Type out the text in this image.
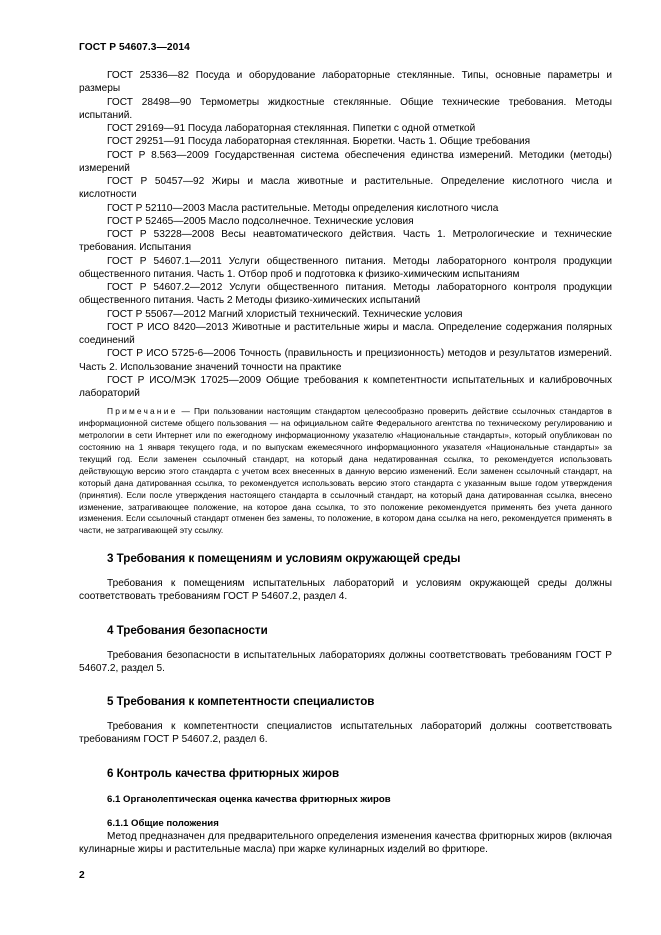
ГОСТ Р 54607.3—2014

ГОСТ 25336—82 Посуда и оборудование лабораторные стеклянные. Типы, основные параметры и размеры

ГОСТ 28498—90 Термометры жидкостные стеклянные. Общие технические требования. Методы испытаний.

ГОСТ 29169—91 Посуда лабораторная стеклянная. Пипетки с одной отметкой

ГОСТ 29251—91 Посуда лабораторная стеклянная. Бюретки. Часть 1. Общие требования

ГОСТ Р 8.563—2009 Государственная система обеспечения единства измерений. Методики (методы) измерений

ГОСТ Р 50457—92 Жиры и масла животные и растительные. Определение кислотного числа и кислотности

ГОСТ Р 52110—2003 Масла растительные. Методы определения кислотного числа

ГОСТ Р 52465—2005 Масло подсолнечное. Технические условия

ГОСТ Р 53228—2008 Весы неавтоматического действия. Часть 1. Метрологические и технические требования. Испытания

ГОСТ Р 54607.1—2011 Услуги общественного питания. Методы лабораторного контроля продукции общественного питания. Часть 1. Отбор проб и подготовка к физико-химическим испытаниям

ГОСТ Р 54607.2—2012 Услуги общественного питания. Методы лабораторного контроля продукции общественного питания. Часть 2 Методы физико-химических испытаний

ГОСТ Р 55067—2012 Магний хлористый технический. Технические условия

ГОСТ Р ИСО 8420—2013 Животные и растительные жиры и масла. Определение содержания полярных соединений

ГОСТ Р ИСО 5725-6—2006 Точность (правильность и прецизионность) методов и результатов измерений. Часть 2. Использование значений точности на практике

ГОСТ Р ИСО/МЭК 17025—2009 Общие требования к компетентности испытательных и калибровочных лабораторий

Примечание — При пользовании настоящим стандартом целесообразно проверить действие ссылочных стандартов в информационной системе общего пользования — на официальном сайте Федерального агентства по техническому регулированию и метрологии в сети Интернет или по ежегодному информационному указателю «Национальные стандарты», который опубликован по состоянию на 1 января текущего года, и по выпускам ежемесячного информационного указателя «Национальные стандарты» за текущий год. Если заменен ссылочный стандарт, на который дана недатированная ссылка, то рекомендуется использовать действующую версию этого стандарта с учетом всех внесенных в данную версию изменений. Если заменен ссылочный стандарт, на который дана датированная ссылка, то рекомендуется использовать версию этого стандарта с указанным выше годом утверждения (принятия). Если после утверждения настоящего стандарта в ссылочный стандарт, на который дана датированная ссылка, внесено изменение, затрагивающее положение, на которое дана ссылка, то это положение рекомендуется применять без учета данного изменения. Если ссылочный стандарт отменен без замены, то положение, в котором дана ссылка на него, рекомендуется применять в части, не затрагивающей эту ссылку.

3 Требования к помещениям и условиям окружающей среды

Требования к помещениям испытательных лабораторий и условиям окружающей среды должны соответствовать требованиям ГОСТ Р 54607.2, раздел 4.

4 Требования безопасности

Требования безопасности в испытательных лабораториях должны соответствовать требованиям ГОСТ Р 54607.2, раздел 5.

5 Требования к компетентности специалистов

Требования к компетентности специалистов испытательных лабораторий должны соответствовать требованиям ГОСТ Р 54607.2, раздел 6.

6 Контроль качества фритюрных жиров
6.1 Органолептическая оценка качества фритюрных жиров
6.1.1 Общие положения

Метод предназначен для предварительного определения изменения качества фритюрных жиров (включая кулинарные жиры и растительные масла) при жарке кулинарных изделий во фритюре.

2
